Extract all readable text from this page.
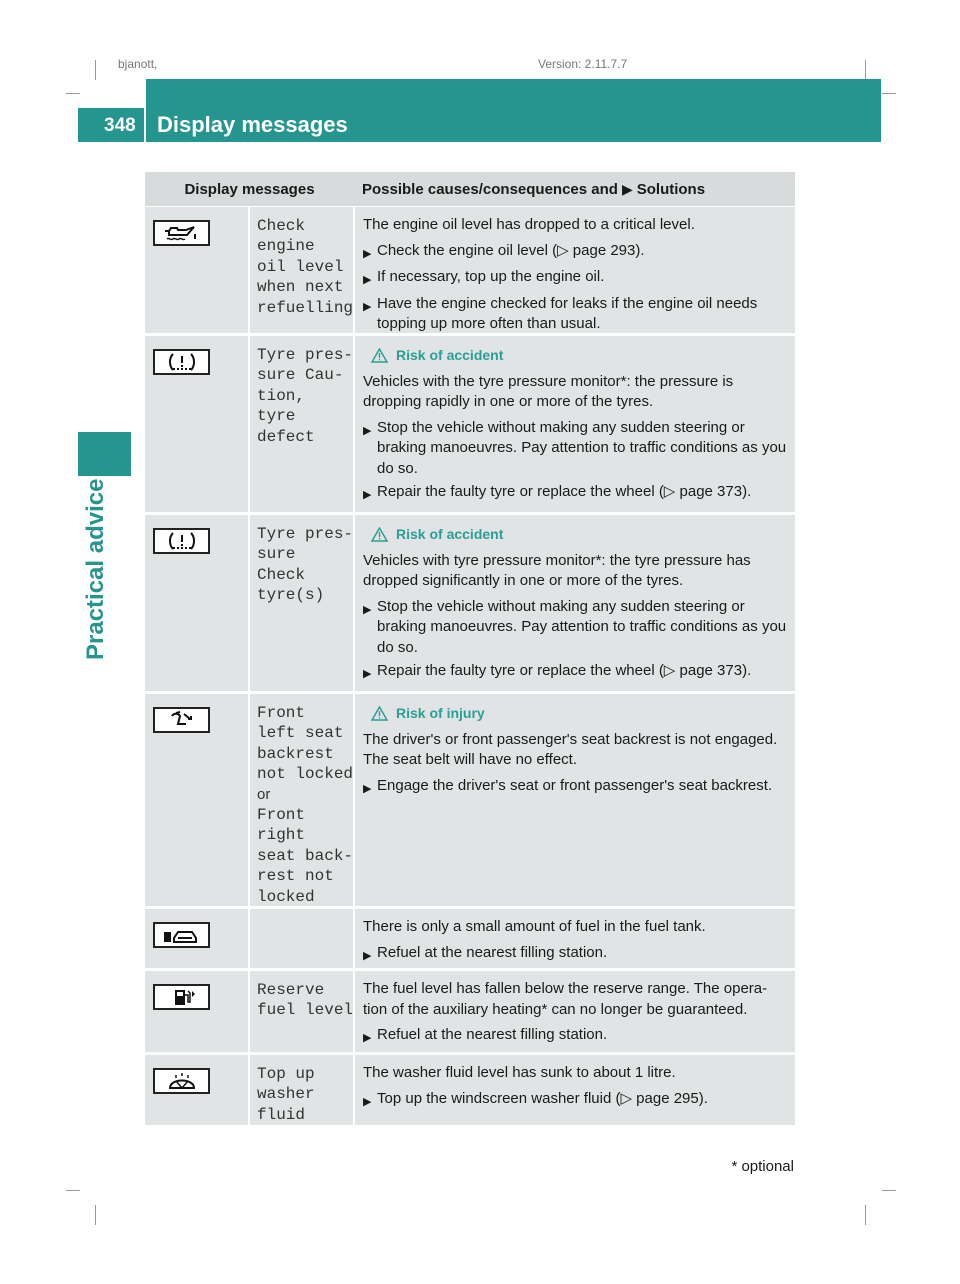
bjanott,	Version: 2.11.7.7
348 Display messages
Practical advice
Display messages	Possible causes/consequences and ▶ Solutions
Check
engine
oil level
when next
refuelling
The engine oil level has dropped to a critical level.
▶ Check the engine oil level (▷ page 293).
▶ If necessary, top up the engine oil.
▶ Have the engine checked for leaks if the engine oil needs topping up more often than usual.
Tyre pres‐
sure Cau‐
tion,
tyre
defect
Risk of accident
Vehicles with the tyre pressure monitor*: the pressure is dropping rapidly in one or more of the tyres.
▶ Stop the vehicle without making any sudden steering or braking manoeuvres. Pay attention to traffic conditions as you do so.
▶ Repair the faulty tyre or replace the wheel (▷ page 373).
Tyre pres‐
sure
Check
tyre(s)
Risk of accident
Vehicles with tyre pressure monitor*: the tyre pressure has dropped significantly in one or more of the tyres.
▶ Stop the vehicle without making any sudden steering or braking manoeuvres. Pay attention to traffic conditions as you do so.
▶ Repair the faulty tyre or replace the wheel (▷ page 373).
Front
left seat
backrest
not locked
or
Front
right
seat back‐
rest not
locked
Risk of injury
The driver's or front passenger's seat backrest is not engaged. The seat belt will have no effect.
▶ Engage the driver's seat or front passenger's seat backrest.
There is only a small amount of fuel in the fuel tank.
▶ Refuel at the nearest filling station.
Reserve
fuel level
The fuel level has fallen below the reserve range. The opera‐ tion of the auxiliary heating* can no longer be guaranteed.
▶ Refuel at the nearest filling station.
Top up
washer
fluid
The washer fluid level has sunk to about 1 litre.
▶ Top up the windscreen washer fluid (▷ page 295).
* optional
